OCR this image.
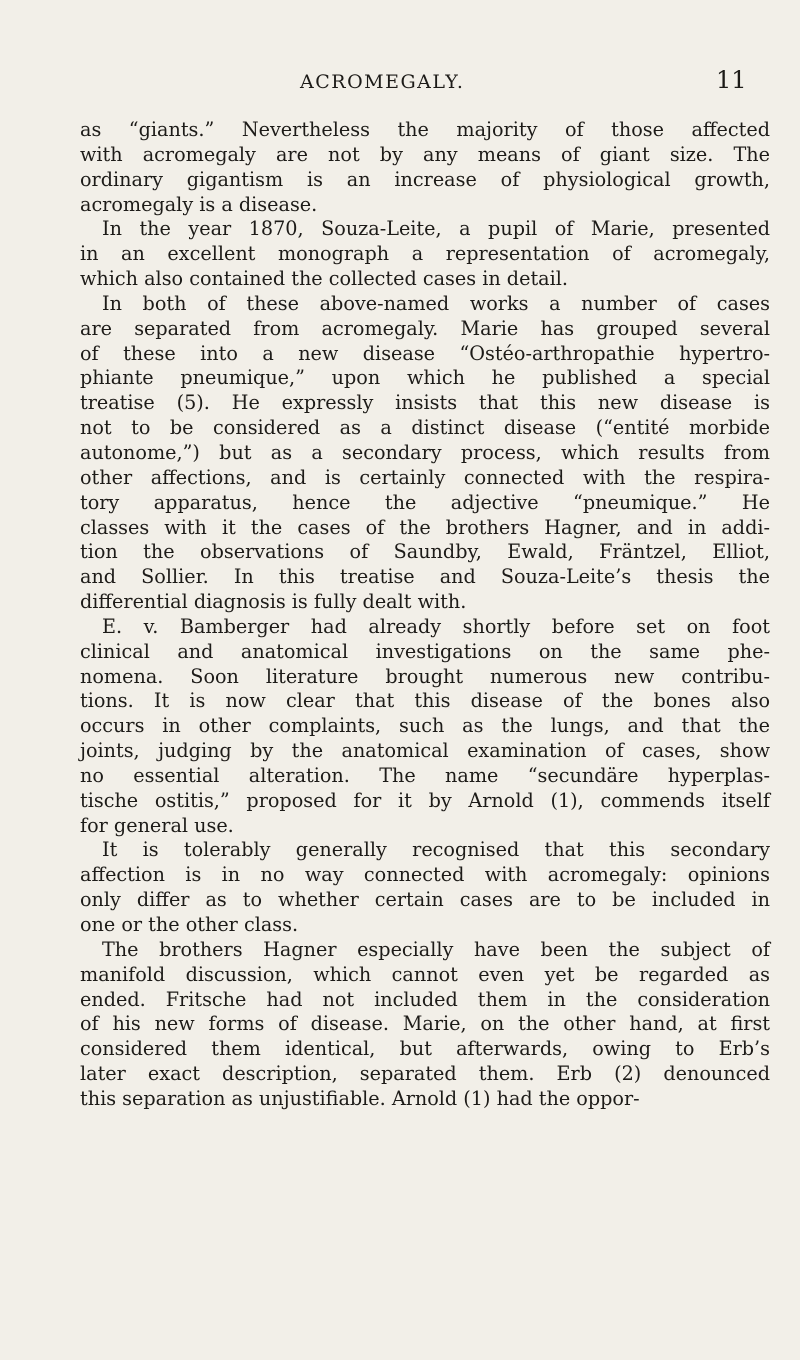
ACROMEGALY.	11
as “giants.” Nevertheless the majority of those affected
with acromegaly are not by any means of giant size. The
ordinary gigantism is an increase of physiological growth,
acromegaly is a disease.
In the year 1870, Souza-Leite, a pupil of Marie, presented
in an excellent monograph a representation of acromegaly,
which also contained the collected cases in detail.
In both of these above-named works a number of cases
are separated from acromegaly. Marie has grouped several
of these into a new disease “Ostéo-arthropathie hypertro-
phiante pneumique,” upon which he published a special
treatise (5). He expressly insists that this new disease is
not to be considered as a distinct disease (“entité morbide
autonome,”) but as a secondary process, which results from
other affections, and is certainly connected with the respira-
tory apparatus, hence the adjective “pneumique.” He
classes with it the cases of the brothers Hagner, and in addi-
tion the observations of Saundby, Ewald, Fräntzel, Elliot,
and Sollier. In this treatise and Souza-Leite’s thesis the
differential diagnosis is fully dealt with.
E. v. Bamberger had already shortly before set on foot
clinical and anatomical investigations on the same phe-
nomena. Soon literature brought numerous new contribu-
tions. It is now clear that this disease of the bones also
occurs in other complaints, such as the lungs, and that the
joints, judging by the anatomical examination of cases, show
no essential alteration. The name “secundäre hyperplas-
tische ostitis,” proposed for it by Arnold (1), commends itself
for general use.
It is tolerably generally recognised that this secondary
affection is in no way connected with acromegaly: opinions
only differ as to whether certain cases are to be included in
one or the other class.
The brothers Hagner especially have been the subject of
manifold discussion, which cannot even yet be regarded as
ended. Fritsche had not included them in the consideration
of his new forms of disease. Marie, on the other hand, at first
considered them identical, but afterwards, owing to Erb’s
later exact description, separated them. Erb (2) denounced
this separation as unjustifiable. Arnold (1) had the oppor-
